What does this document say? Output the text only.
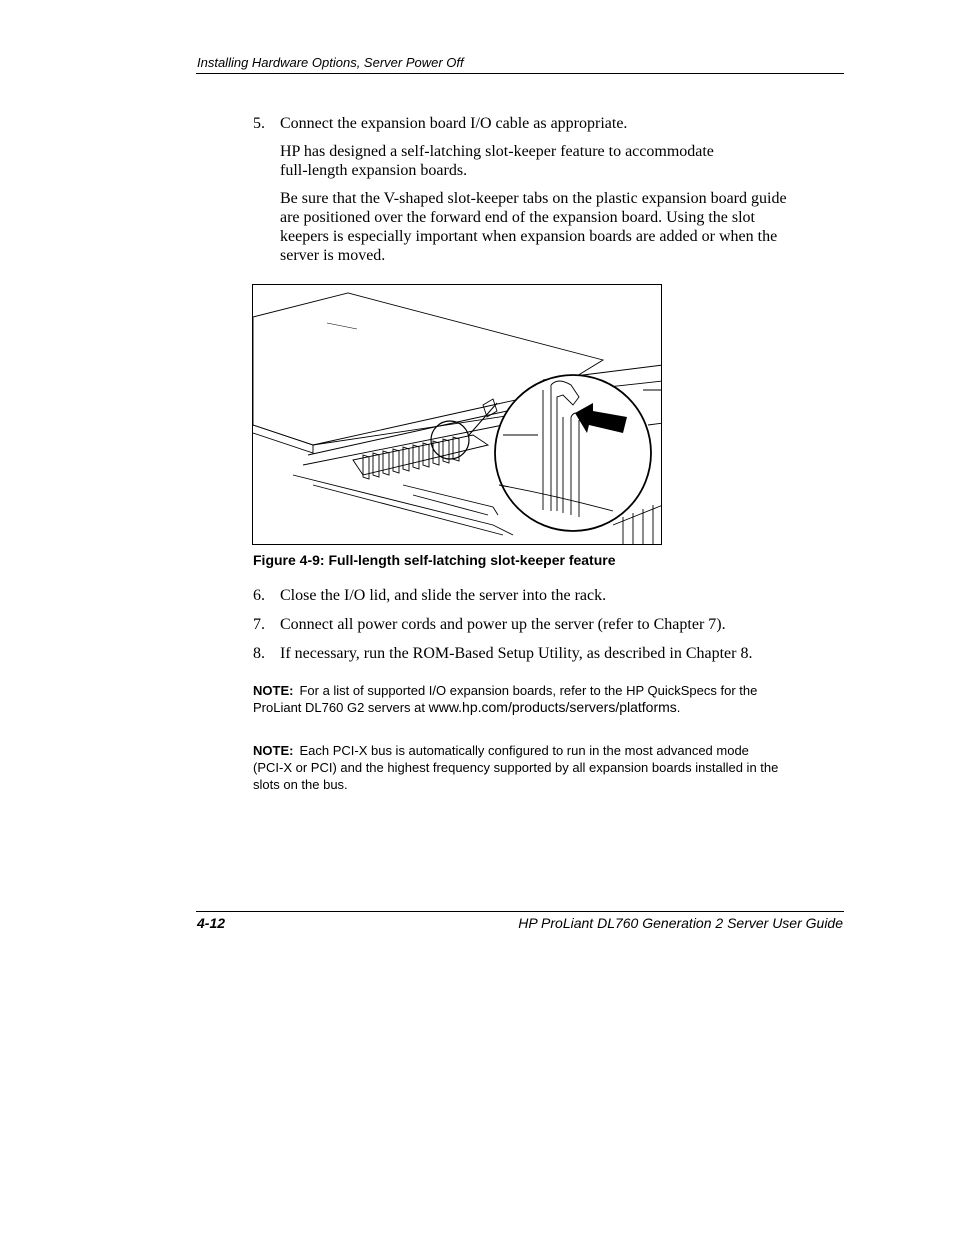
Installing Hardware Options, Server Power Off
5. Connect the expansion board I/O cable as appropriate.
HP has designed a self-latching slot-keeper feature to accommodate
full-length expansion boards.
Be sure that the V-shaped slot-keeper tabs on the plastic expansion board guide
are positioned over the forward end of the expansion board. Using the slot
keepers is especially important when expansion boards are added or when the
server is moved.
Figure 4-9: Full-length self-latching slot-keeper feature
6. Close the I/O lid, and slide the server into the rack.
7. Connect all power cords and power up the server (refer to Chapter 7).
8. If necessary, run the ROM-Based Setup Utility, as described in Chapter 8.
NOTE: For a list of supported I/O expansion boards, refer to the HP QuickSpecs for the
ProLiant DL760 G2 servers at www.hp.com/products/servers/platforms.
NOTE: Each PCI-X bus is automatically configured to run in the most advanced mode
(PCI-X or PCI) and the highest frequency supported by all expansion boards installed in the
slots on the bus.
4-12	HP ProLiant DL760 Generation 2 Server User Guide
